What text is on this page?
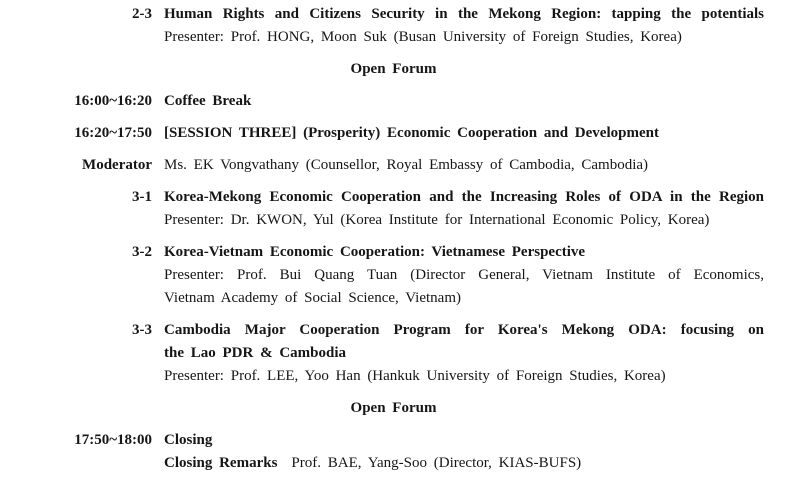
2-3 Human Rights and Citizens Security in the Mekong Region: tapping the potentials
Presenter: Prof. HONG, Moon Suk (Busan University of Foreign Studies, Korea)
Open Forum
16:00~16:20 Coffee Break
16:20~17:50 [SESSION THREE] (Prosperity) Economic Cooperation and Development
Moderator Ms. EK Vongvathany (Counsellor, Royal Embassy of Cambodia, Cambodia)
3-1 Korea-Mekong Economic Cooperation and the Increasing Roles of ODA in the Region
Presenter: Dr. KWON, Yul (Korea Institute for International Economic Policy, Korea)
3-2 Korea-Vietnam Economic Cooperation: Vietnamese Perspective
Presenter: Prof. Bui Quang Tuan (Director General, Vietnam Institute of Economics,
Vietnam Academy of Social Science, Vietnam)
3-3 Cambodia Major Cooperation Program for Korea's Mekong ODA: focusing on
the Lao PDR & Cambodia
Presenter: Prof. LEE, Yoo Han (Hankuk University of Foreign Studies, Korea)
Open Forum
17:50~18:00 Closing
Closing Remarks Prof. BAE, Yang-Soo (Director, KIAS-BUFS)
